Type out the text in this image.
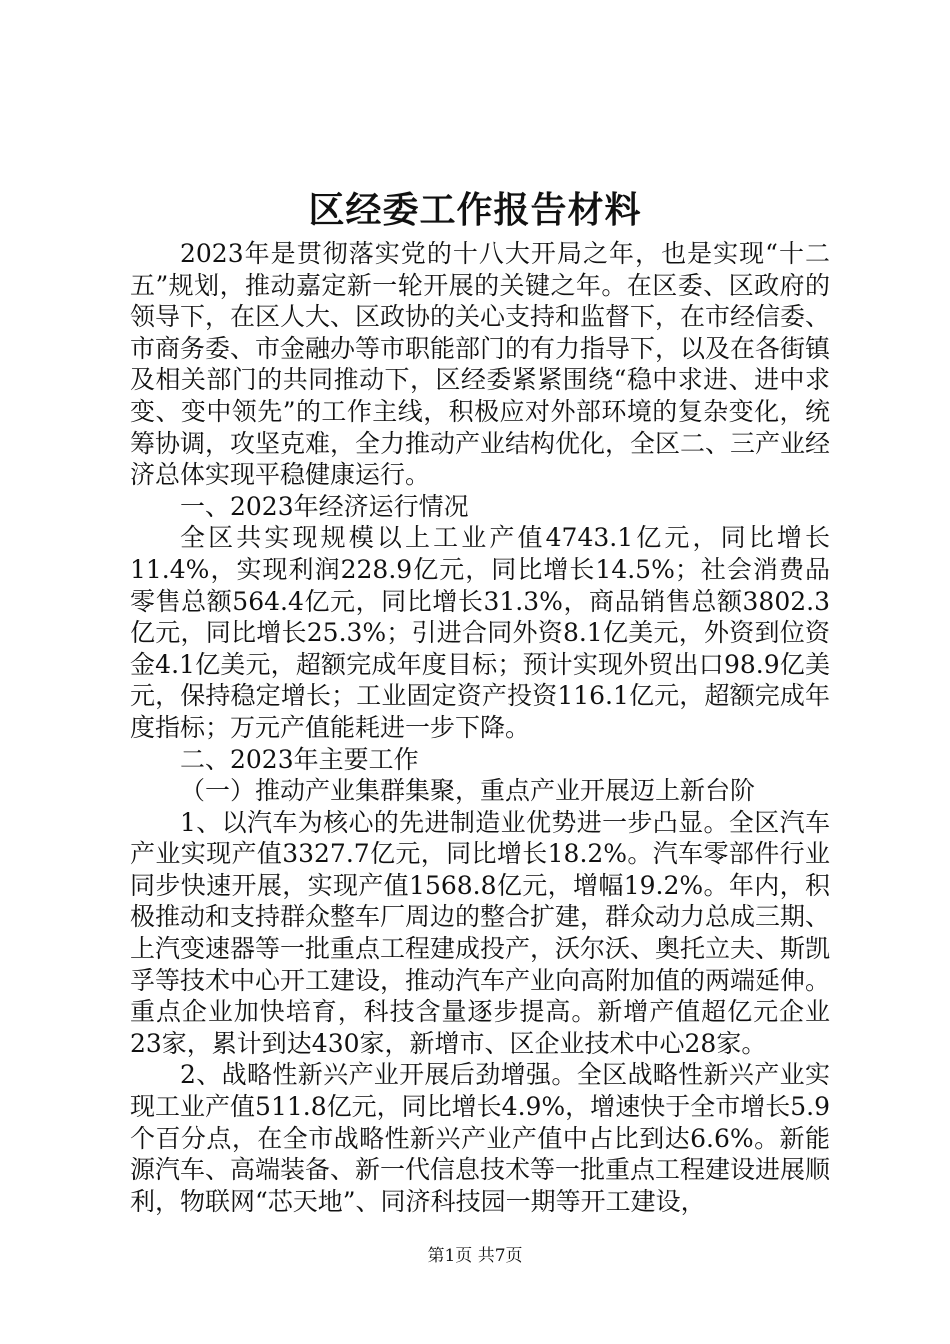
区经委工作报告材料

2023年是贯彻落实党的十八大开局之年，也是实现“十二五”规划，推动嘉定新一轮开展的关键之年。在区委、区政府的领导下，在区人大、区政协的关心支持和监督下，在市经信委、市商务委、市金融办等市职能部门的有力指导下，以及在各街镇及相关部门的共同推动下，区经委紧紧围绕“稳中求进、进中求变、变中领先”的工作主线，积极应对外部环境的复杂变化，统筹协调，攻坚克难，全力推动产业结构优化，全区二、三产业经济总体实现平稳健康运行。

一、2023年经济运行情况

全区共实现规模以上工业产值4743.1亿元，同比增长11.4%，实现利润228.9亿元，同比增长14.5%；社会消费品零售总额564.4亿元，同比增长31.3%，商品销售总额3802.3亿元，同比增长25.3%；引进合同外资8.1亿美元，外资到位资金4.1亿美元，超额完成年度目标；预计实现外贸出口98.9亿美元，保持稳定增长；工业固定资产投资116.1亿元，超额完成年度指标；万元产值能耗进一步下降。

二、2023年主要工作

（一）推动产业集群集聚，重点产业开展迈上新台阶

1、以汽车为核心的先进制造业优势进一步凸显。全区汽车产业实现产值3327.7亿元，同比增长18.2%。汽车零部件行业同步快速开展，实现产值1568.8亿元，增幅19.2%。年内，积极推动和支持群众整车厂周边的整合扩建，群众动力总成三期、上汽变速器等一批重点工程建成投产，沃尔沃、奥托立夫、斯凯孚等技术中心开工建设，推动汽车产业向高附加值的两端延伸。重点企业加快培育，科技含量逐步提高。新增产值超亿元企业23家，累计到达430家，新增市、区企业技术中心28家。

2、战略性新兴产业开展后劲增强。全区战略性新兴产业实现工业产值511.8亿元，同比增长4.9%，增速快于全市增长5.9个百分点，在全市战略性新兴产业产值中占比到达6.6%。新能源汽车、高端装备、新一代信息技术等一批重点工程建设进展顺利，物联网“芯天地”、同济科技园一期等开工建设，

第1页 共7页
